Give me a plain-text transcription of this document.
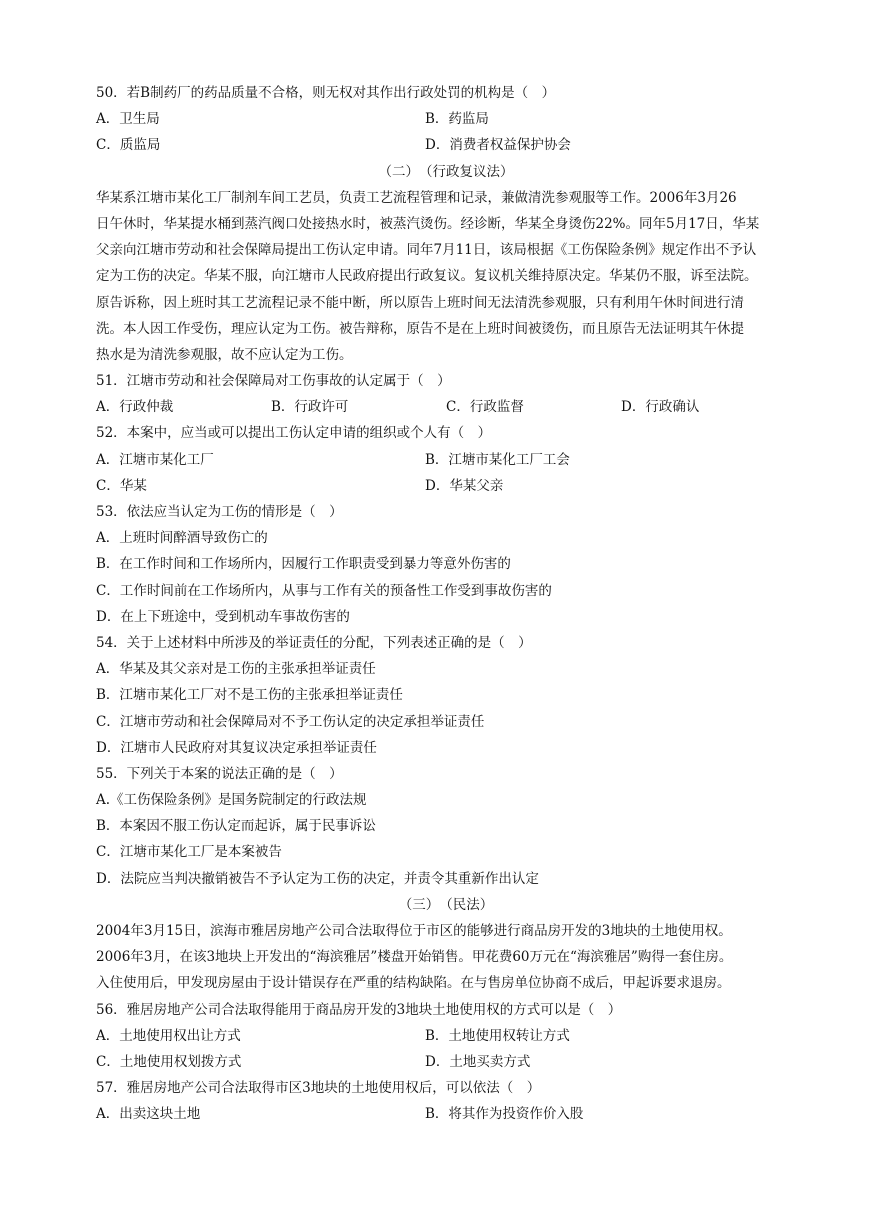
50．若B制药厂的药品质量不合格，则无权对其作出行政处罚的机构是（　）
A．卫生局	B．药监局
C．质监局	D．消费者权益保护协会
（二）　（行政复议法）
华某系江塘市某化工厂制剂车间工艺员，负责工艺流程管理和记录，兼做清洗参观服等工作。2006年3月26
日午休时，华某提水桶到蒸汽阀口处接热水时，被蒸汽烫伤。经诊断，华某全身烫伤22%。同年5月17日，华某
父亲向江塘市劳动和社会保障局提出工伤认定申请。同年7月11日，该局根据《工伤保险条例》规定作出不予认
定为工伤的决定。华某不服，向江塘市人民政府提出行政复议。复议机关维持原决定。华某仍不服，诉至法院。
原告诉称，因上班时其工艺流程记录不能中断，所以原告上班时间无法清洗参观服，只有利用午休时间进行清
洗。本人因工作受伤，理应认定为工伤。被告辩称，原告不是在上班时间被烫伤，而且原告无法证明其午休提
热水是为清洗参观服，故不应认定为工伤。
51．江塘市劳动和社会保障局对工伤事故的认定属于（　）
A．行政仲裁	B．行政许可	C．行政监督	D．行政确认
52．本案中，应当或可以提出工伤认定申请的组织或个人有（　）
A．江塘市某化工厂	B．江塘市某化工厂工会
C．华某	D．华某父亲
53．依法应当认定为工伤的情形是（　）
A．上班时间醉酒导致伤亡的
B．在工作时间和工作场所内，因履行工作职责受到暴力等意外伤害的
C．工作时间前在工作场所内，从事与工作有关的预备性工作受到事故伤害的
D．在上下班途中，受到机动车事故伤害的
54．关于上述材料中所涉及的举证责任的分配，下列表述正确的是（　）
A．华某及其父亲对是工伤的主张承担举证责任
B．江塘市某化工厂对不是工伤的主张承担举证责任
C．江塘市劳动和社会保障局对不予工伤认定的决定承担举证责任
D．江塘市人民政府对其复议决定承担举证责任
55．下列关于本案的说法正确的是（　）
A.《工伤保险条例》是国务院制定的行政法规
B．本案因不服工伤认定而起诉，属于民事诉讼
C．江塘市某化工厂是本案被告
D．法院应当判决撤销被告不予认定为工伤的决定，并责令其重新作出认定
（三）　（民法）
2004年3月15日，滨海市雅居房地产公司合法取得位于市区的能够进行商品房开发的3地块的土地使用权。
2006年3月，在该3地块上开发出的“海滨雅居”楼盘开始销售。甲花费60万元在“海滨雅居”购得一套住房。
入住使用后，甲发现房屋由于设计错误存在严重的结构缺陷。在与售房单位协商不成后，甲起诉要求退房。
56．雅居房地产公司合法取得能用于商品房开发的3地块土地使用权的方式可以是（　）
A．土地使用权出让方式	B．土地使用权转让方式
C．土地使用权划拨方式	D．土地买卖方式
57．雅居房地产公司合法取得市区3地块的土地使用权后，可以依法（　）
A．出卖这块土地	B．将其作为投资作价入股
